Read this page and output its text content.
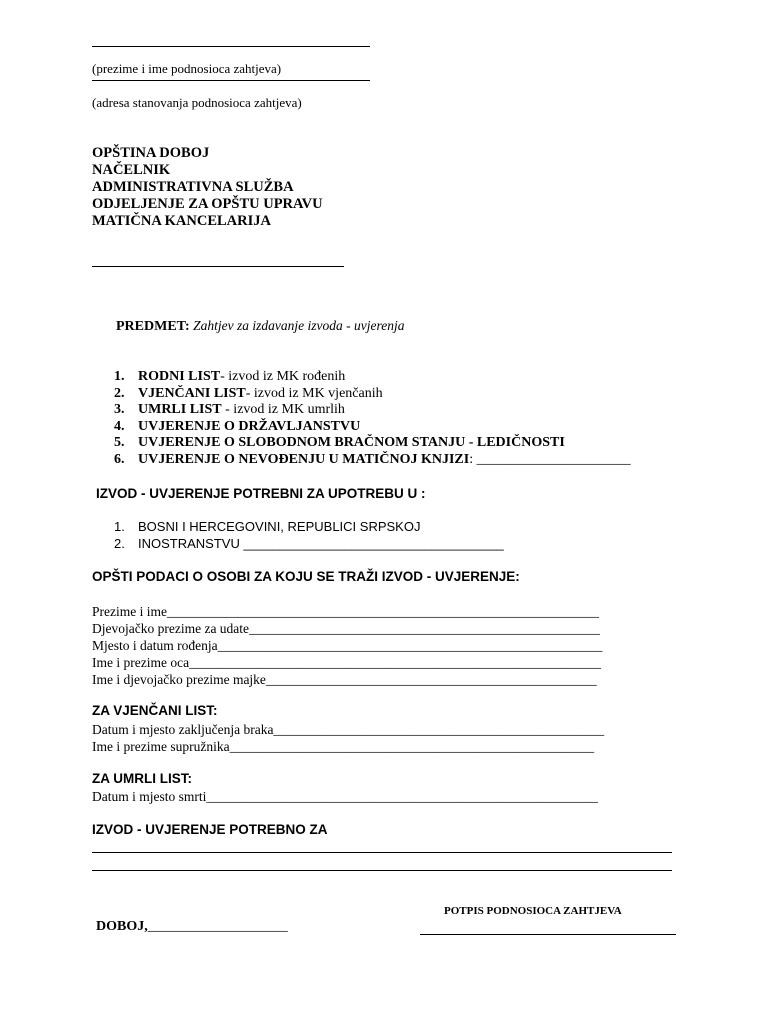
(prezime i ime podnosioca zahtjeva)
(adresa stanovanja podnosioca zahtjeva)
OPŠTINA DOBOJ
NAČELNIK
ADMINISTRATIVNA SLUŽBA
ODJELJENJE ZA OPŠTU UPRAVU
MATIČNA KANCELARIJA
PREDMET: Zahtjev za izdavanje izvoda - uvjerenja
1. RODNI LIST- izvod iz MK rođenih
2. VJENČANI LIST- izvod iz MK vjenčanih
3. UMRLI LIST - izvod iz MK umrlih
4. UVJERENJE O DRŽAVLJANSTVU
5. UVJERENJE O SLOBODNOM BRAČNOM STANJU - LEDIČNOSTI
6. UVJERENJE O NEVOĐENJU U MATIČNOJ KNJIZI: ______________________
IZVOD - UVJERENJE POTREBNI ZA UPOTREBU U :
1. BOSNI I HERCEGOVINI, REPUBLICI SRPSKOJ
2. INOSTRANSTVU ____________________________________
OPŠTI PODACI O OSOBI ZA KOJU SE TRAŽI IZVOD - UVJERENJE:
Prezime i ime________________________________________________________________
Djevojačko prezime za udate____________________________________________________
Mjesto i datum rođenja_________________________________________________________
Ime i prezime oca_____________________________________________________________
Ime i djevojačko prezime majke_________________________________________________
ZA VJENČANI LIST:
Datum i mjesto zaključenja braka_________________________________________________
Ime i prezime supružnika______________________________________________________
ZA UMRLI LIST:
Datum i mjesto smrti__________________________________________________________
IZVOD - UVJERENJE POTREBNO ZA
POTPIS PODNOSIOCA ZAHTJEVA
DOBOJ,____________________
